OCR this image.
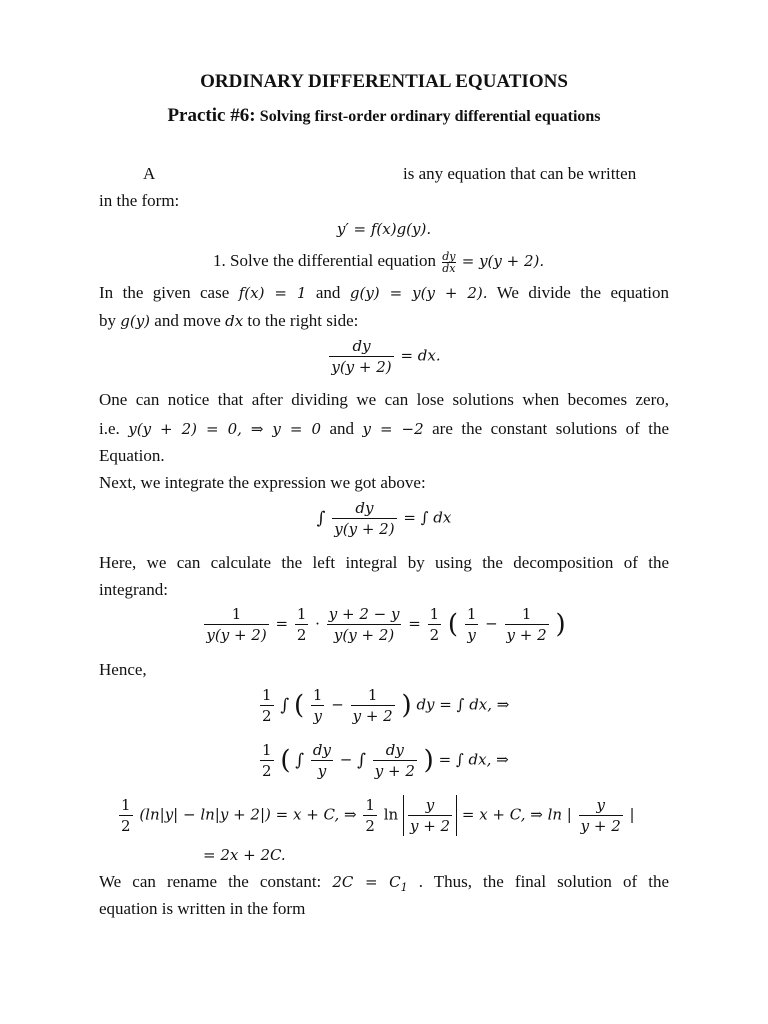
ORDINARY DIFFERENTIAL EQUATIONS
Practic #6: Solving first-order ordinary differential equations
A	is any equation that can be written
in the form:
y′ = f(x)g(y).
1. Solve the differential equation $\frac{dy}{dx} = y(y + 2)$.
In the given case f(x) = 1 and g(y) = y(y + 2). We divide the equation
by g(y) and move dx to the right side:
$\frac{dy}{y(y + 2)}$ = dx.
One can notice that after dividing we can lose solutions when becomes zero,
i.e. y(y + 2) = 0, ⇒ y = 0 and y = −2 are the constant solutions of the
Equation.
Next, we integrate the expression we got above:
∫ $\frac{dy}{y(y + 2)}$ = ∫ dx
Here, we can calculate the left integral by using the decomposition of the
integrand:
$\frac{1}{y(y + 2)} = \frac{1}{2} \cdot \frac{y + 2 - y}{y(y + 2)} = \frac{1}{2}$ ( $\frac{1}{y} - \frac{1}{y + 2}$ )
Hence,
$\frac{1}{2}$ ∫ ( $\frac{1}{y} - \frac{1}{y + 2}$ ) dy = ∫ dx, ⇒
$\frac{1}{2}$ ( ∫ $\frac{dy}{y}$ − ∫ $\frac{dy}{y + 2}$ ) = ∫ dx, ⇒
$\frac{1}{2} (\ln|y| - \ln|y + 2|) = x + C$, ⇒ $\frac{1}{2}$ $\ln \frac{y}{y + 2} = x + C$, ⇒ ln | $\frac{y}{y + 2}$ |
= 2x + 2C.
We can rename the constant: $2C = C_1$ . Thus, the final solution of the
equation is written in the form
